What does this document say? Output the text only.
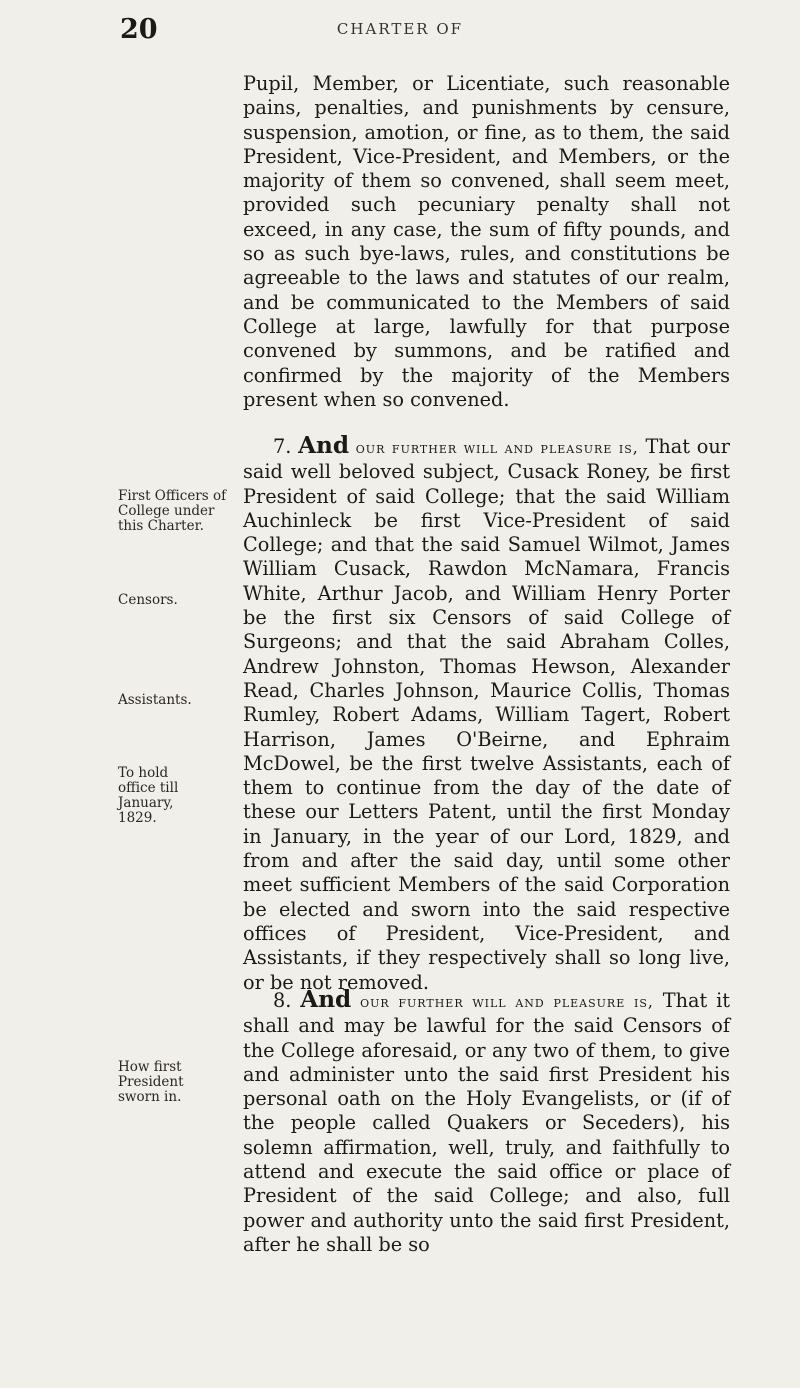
20	CHARTER OF

Pupil, Member, or Licentiate, such reasonable pains, penalties, and punishments by censure, suspension, amotion, or fine, as to them, the said President, Vice-President, and Members, or the majority of them so convened, shall seem meet, provided such pecuniary penalty shall not exceed, in any case, the sum of fifty pounds, and so as such bye-laws, rules, and constitutions be agreeable to the laws and statutes of our realm, and be communicated to the Members of said College at large, lawfully for that purpose convened by summons, and be ratified and confirmed by the majority of the Members present when so convened.

7. And our further will and pleasure is, That our said well beloved subject, Cusack Roney, be first President of said College; that the said William Auchinleck be first Vice-President of said College; and that the said Samuel Wilmot, James William Cusack, Rawdon McNamara, Francis White, Arthur Jacob, and William Henry Porter be the first six Censors of said College of Surgeons; and that the said Abraham Colles, Andrew Johnston, Thomas Hewson, Alexander Read, Charles Johnson, Maurice Collis, Thomas Rumley, Robert Adams, William Tagert, Robert Harrison, James O'Beirne, and Ephraim McDowel, be the first twelve Assistants, each of them to continue from the day of the date of these our Letters Patent, until the first Monday in January, in the year of our Lord, 1829, and from and after the said day, until some other meet sufficient Members of the said Corporation be elected and sworn into the said respective offices of President, Vice-President, and Assistants, if they respectively shall so long live, or be not removed.

8. And our further will and pleasure is, That it shall and may be lawful for the said Censors of the College aforesaid, or any two of them, to give and administer unto the said first President his personal oath on the Holy Evangelists, or (if of the people called Quakers or Seceders), his solemn affirmation, well, truly, and faithfully to attend and execute the said office or place of President of the said College; and also, full power and authority unto the said first President, after he shall be so

First Officers of College under this Charter.
Censors.
Assistants.
To hold office till January, 1829.
How first President sworn in.
